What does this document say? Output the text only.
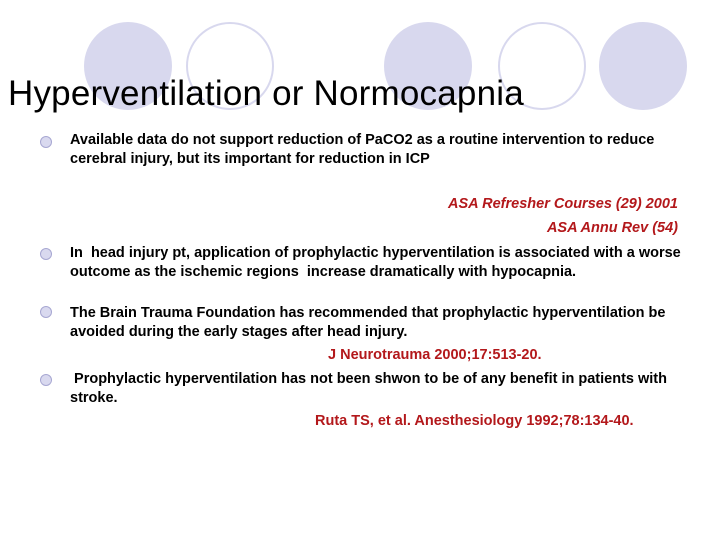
Hyperventilation or Normocapnia
Available data do not support reduction of PaCO2 as a routine intervention to reduce cerebral injury, but its important for reduction in ICP
ASA Refresher Courses (29) 2001
ASA Annu Rev (54)
In  head injury pt, application of prophylactic hyperventilation is associated with a worse outcome as the ischemic regions  increase dramatically with hypocapnia.
The Brain Trauma Foundation has recommended that prophylactic hyperventilation be avoided during the early stages after head injury.
J Neurotrauma 2000;17:513-20.
Prophylactic hyperventilation has not been shwon to be of any benefit in patients with stroke.
Ruta TS, et al. Anesthesiology 1992;78:134-40.
